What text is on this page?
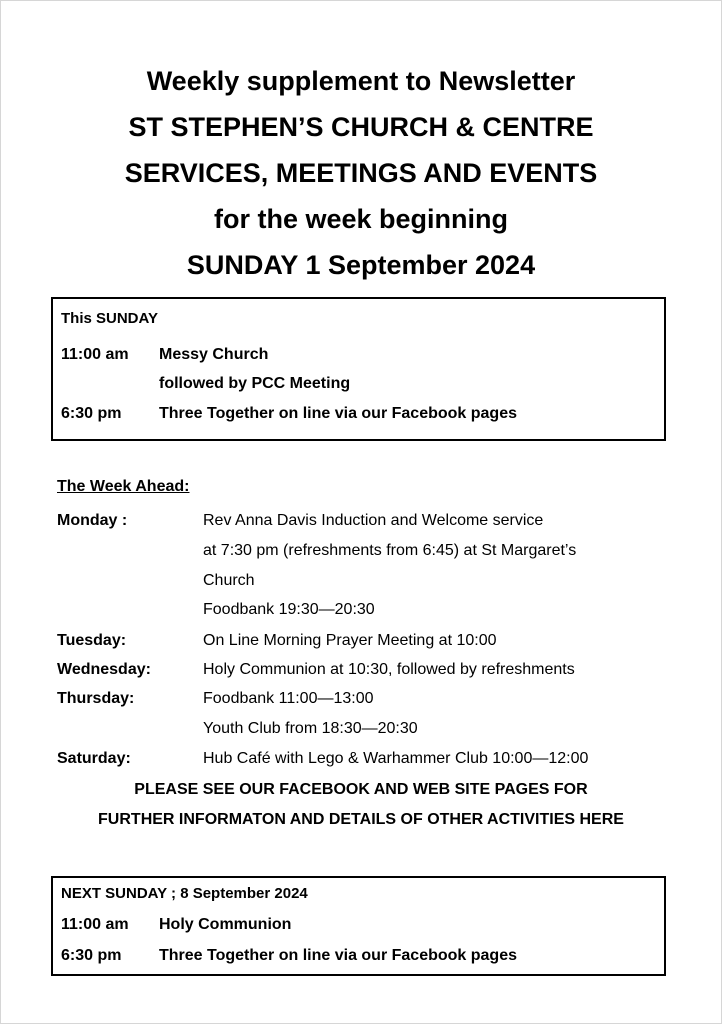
Weekly supplement to Newsletter
ST STEPHEN’S CHURCH & CENTRE
SERVICES, MEETINGS AND EVENTS
for the week beginning
SUNDAY 1 September 2024
This SUNDAY
11:00 am	Messy Church
followed by PCC Meeting
6:30 pm	Three Together on line via our Facebook pages
The Week Ahead:
Monday :	Rev Anna Davis Induction and Welcome service
at 7:30 pm (refreshments from 6:45) at St Margaret’s
Church
Foodbank 19:30—20:30
Tuesday:	On Line Morning Prayer Meeting at 10:00
Wednesday:	Holy Communion at 10:30, followed by refreshments
Thursday:	Foodbank 11:00—13:00
Youth Club from 18:30—20:30
Saturday:	Hub Café with Lego & Warhammer Club 10:00—12:00
PLEASE SEE OUR FACEBOOK AND WEB SITE PAGES FOR
FURTHER INFORMATON AND DETAILS OF OTHER ACTIVITIES HERE
NEXT SUNDAY ; 8 September 2024
11:00 am	Holy Communion
6:30 pm	Three Together on line via our Facebook pages
